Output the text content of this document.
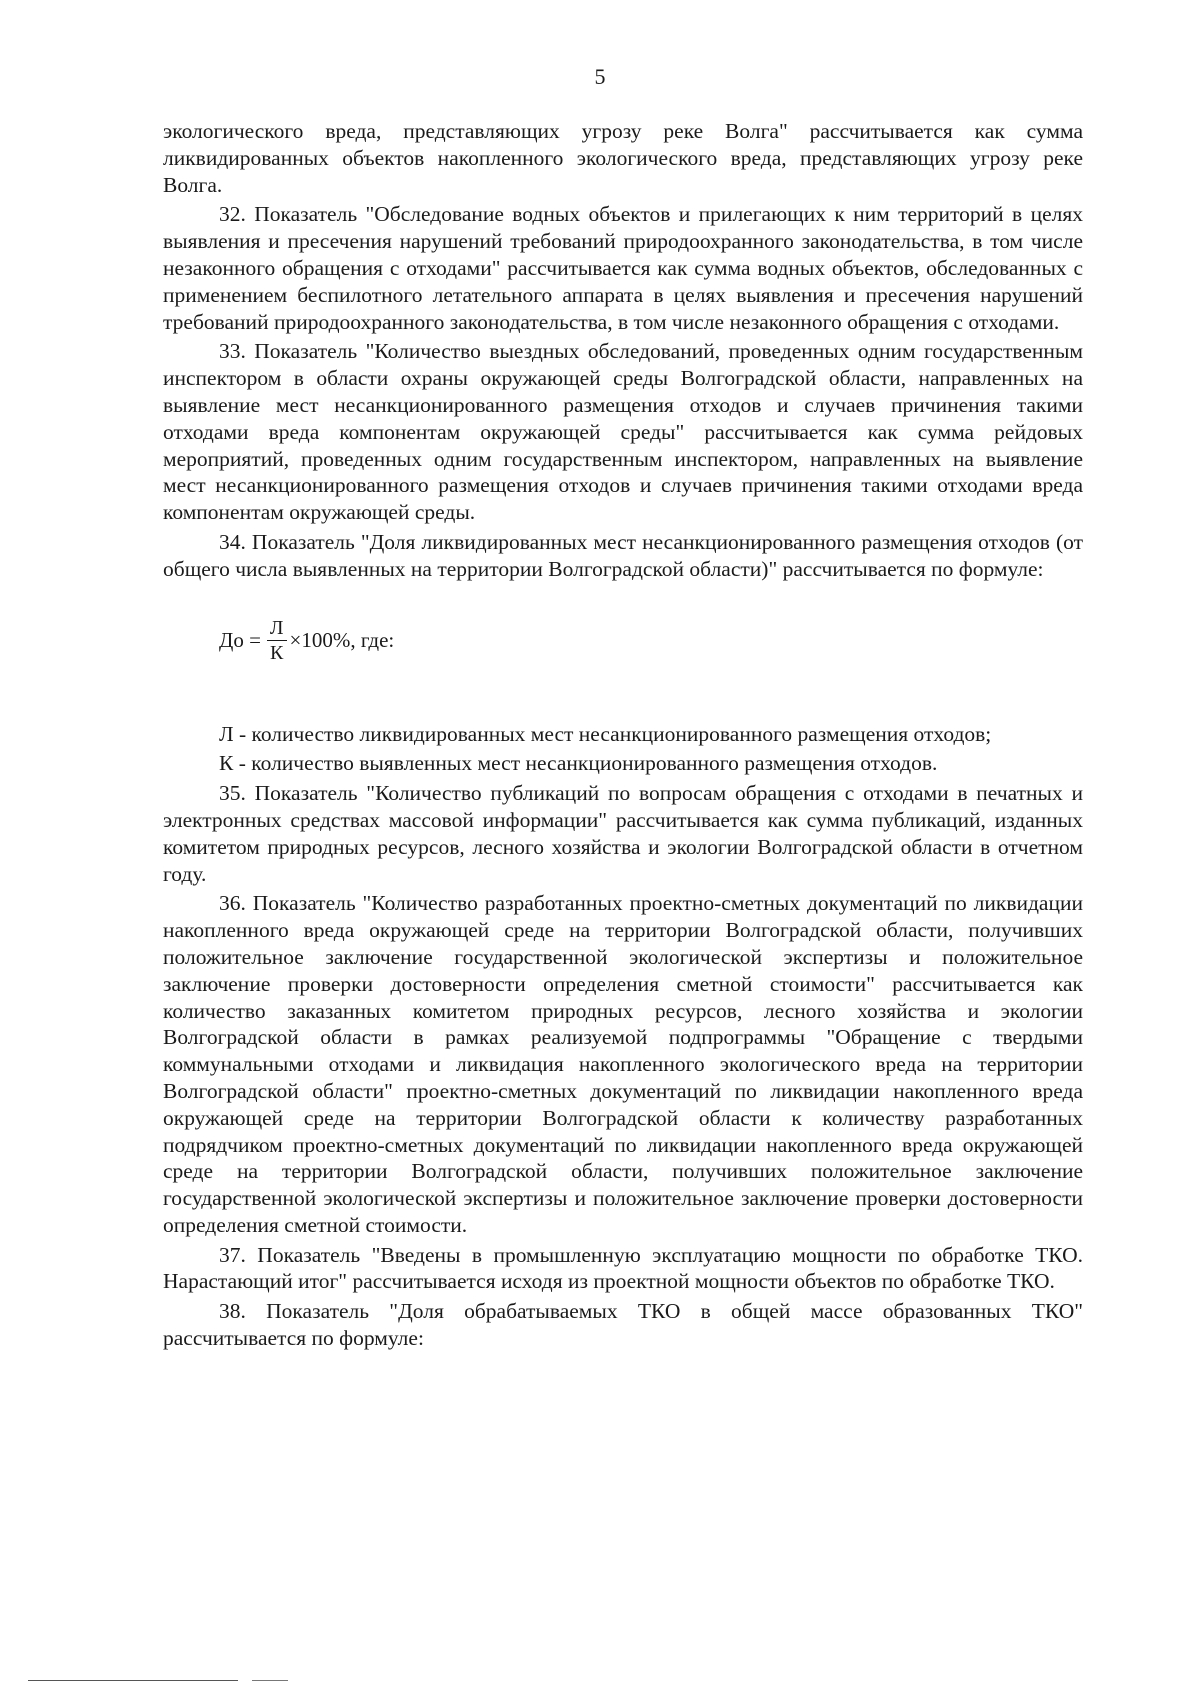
5

экологического вреда, представляющих угрозу реке Волга" рассчитывается как сумма ликвидированных объектов накопленного экологического вреда, представляющих угрозу реке Волга.

32. Показатель "Обследование водных объектов и прилегающих к ним территорий в целях выявления и пресечения нарушений требований природоохранного законодательства, в том числе незаконного обращения с отходами" рассчитывается как сумма водных объектов, обследованных с применением беспилотного летательного аппарата в целях выявления и пресечения нарушений требований природоохранного законодательства, в том числе незаконного обращения с отходами.

33. Показатель "Количество выездных обследований, проведенных одним государственным инспектором в области охраны окружающей среды Волгоградской области, направленных на выявление мест несанкционированного размещения отходов и случаев причинения такими отходами вреда компонентам окружающей среды" рассчитывается как сумма рейдовых мероприятий, проведенных одним государственным инспектором, направленных на выявление мест несанкционированного размещения отходов и случаев причинения такими отходами вреда компонентам окружающей среды.

34. Показатель "Доля ликвидированных мест несанкционированного размещения отходов (от общего числа выявленных на территории Волгоградской области)" рассчитывается по формуле:

До = $\frac{Л}{К} \times 100\%$, где:

Л - количество ликвидированных мест несанкционированного размещения отходов;

К - количество выявленных мест несанкционированного размещения отходов.

35. Показатель "Количество публикаций по вопросам обращения с отходами в печатных и электронных средствах массовой информации" рассчитывается как сумма публикаций, изданных комитетом природных ресурсов, лесного хозяйства и экологии Волгоградской области в отчетном году.

36. Показатель "Количество разработанных проектно-сметных документаций по ликвидации накопленного вреда окружающей среде на территории Волгоградской области, получивших положительное заключение государственной экологической экспертизы и положительное заключение проверки достоверности определения сметной стоимости" рассчитывается как количество заказанных комитетом природных ресурсов, лесного хозяйства и экологии Волгоградской области в рамках реализуемой подпрограммы "Обращение с твердыми коммунальными отходами и ликвидация накопленного экологического вреда на территории Волгоградской области" проектно-сметных документаций по ликвидации накопленного вреда окружающей среде на территории Волгоградской области к количеству разработанных подрядчиком проектно-сметных документаций по ликвидации накопленного вреда окружающей среде на территории Волгоградской области, получивших положительное заключение государственной экологической экспертизы и положительное заключение проверки достоверности определения сметной стоимости.

37. Показатель "Введены в промышленную эксплуатацию мощности по обработке ТКО. Нарастающий итог" рассчитывается исходя из проектной мощности объектов по обработке ТКО.

38. Показатель "Доля обрабатываемых ТКО в общей массе образованных ТКО" рассчитывается по формуле:
